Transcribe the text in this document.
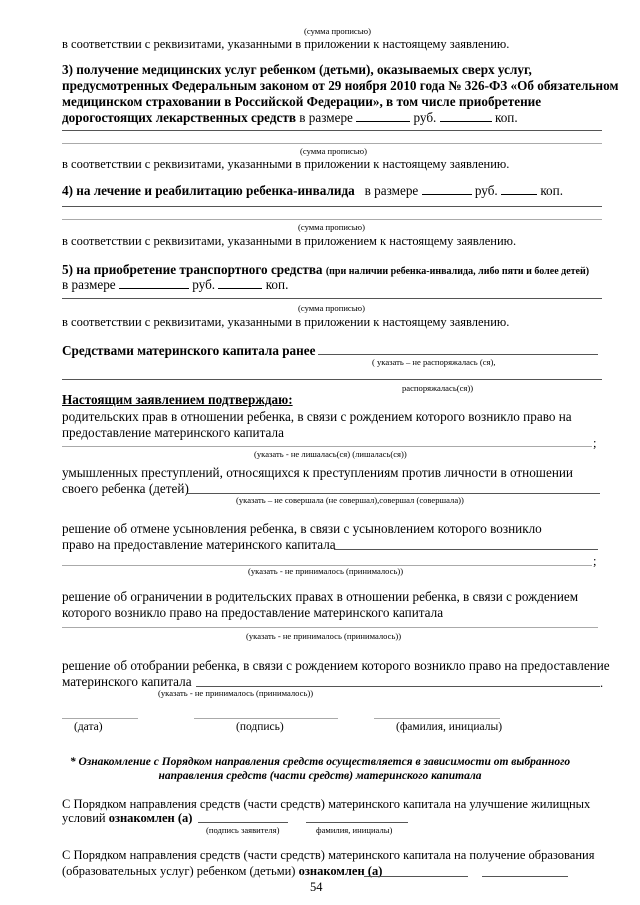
(сумма прописью)
в соответствии с реквизитами, указанными в приложении к настоящему заявлению.
3) получение медицинских услуг ребенком (детьми), оказываемых сверх услуг,
предусмотренных Федеральным законом от 29 ноября 2010 года № 326-ФЗ «Об обязательном
медицинском страховании в Российской Федерации», в том числе приобретение
дорогостоящих лекарственных средств в размере	руб.	коп.
(сумма прописью)
в соответствии с реквизитами, указанными в приложении к настоящему заявлению.
4) на лечение и реабилитацию ребенка-инвалида в размере	руб.	коп.
(сумма прописью)
в соответствии с реквизитами, указанными в приложением к настоящему заявлению.
5) на приобретение транспортного средства (при наличии ребенка-инвалида, либо пяти и более детей)
в размере	руб.	коп.
(сумма прописью)
в соответствии с реквизитами, указанными в приложении к настоящему заявлению.
Средствами материнского капитала ранее
( указать – не распоряжалась (ся),
распоряжалась(ся))
Настоящим заявлением подтверждаю:
родительских прав в отношении ребенка, в связи с рождением которого возникло право на
предоставление материнского капитала
;
(указать - не лишалась(ся) (лишалась(ся))
умышленных преступлений, относящихся к преступлениям против личности в отношении
своего ребенка (детей)
(указать – не совершала (не совершал),совершал (совершала))
решение об отмене усыновления ребенка, в связи с усыновлением которого возникло
право на предоставление материнского капитала
;
(указать - не принималось (принималось))
решение об ограничении в родительских правах в отношении ребенка, в связи с рождением
которого возникло право на предоставление материнского капитала
(указать - не принималось (принималось))
решение об отобрании ребенка, в связи с рождением которого возникло право на предоставление
материнского капитала	.
(указать - не принималось (принималось))
(дата)	(подпись)	(фамилия, инициалы)
* Ознакомление с Порядком направления средств осуществляется в зависимости от выбранного
направления средств (части средств) материнского капитала
С Порядком направления средств (части средств) материнского капитала на улучшение жилищных
условий ознакомлен (а)
(подпись заявителя)	фамилия, инициалы)
С Порядком направления средств (части средств) материнского капитала на получение образования
(образовательных услуг) ребенком (детьми) ознакомлен (а)
54
